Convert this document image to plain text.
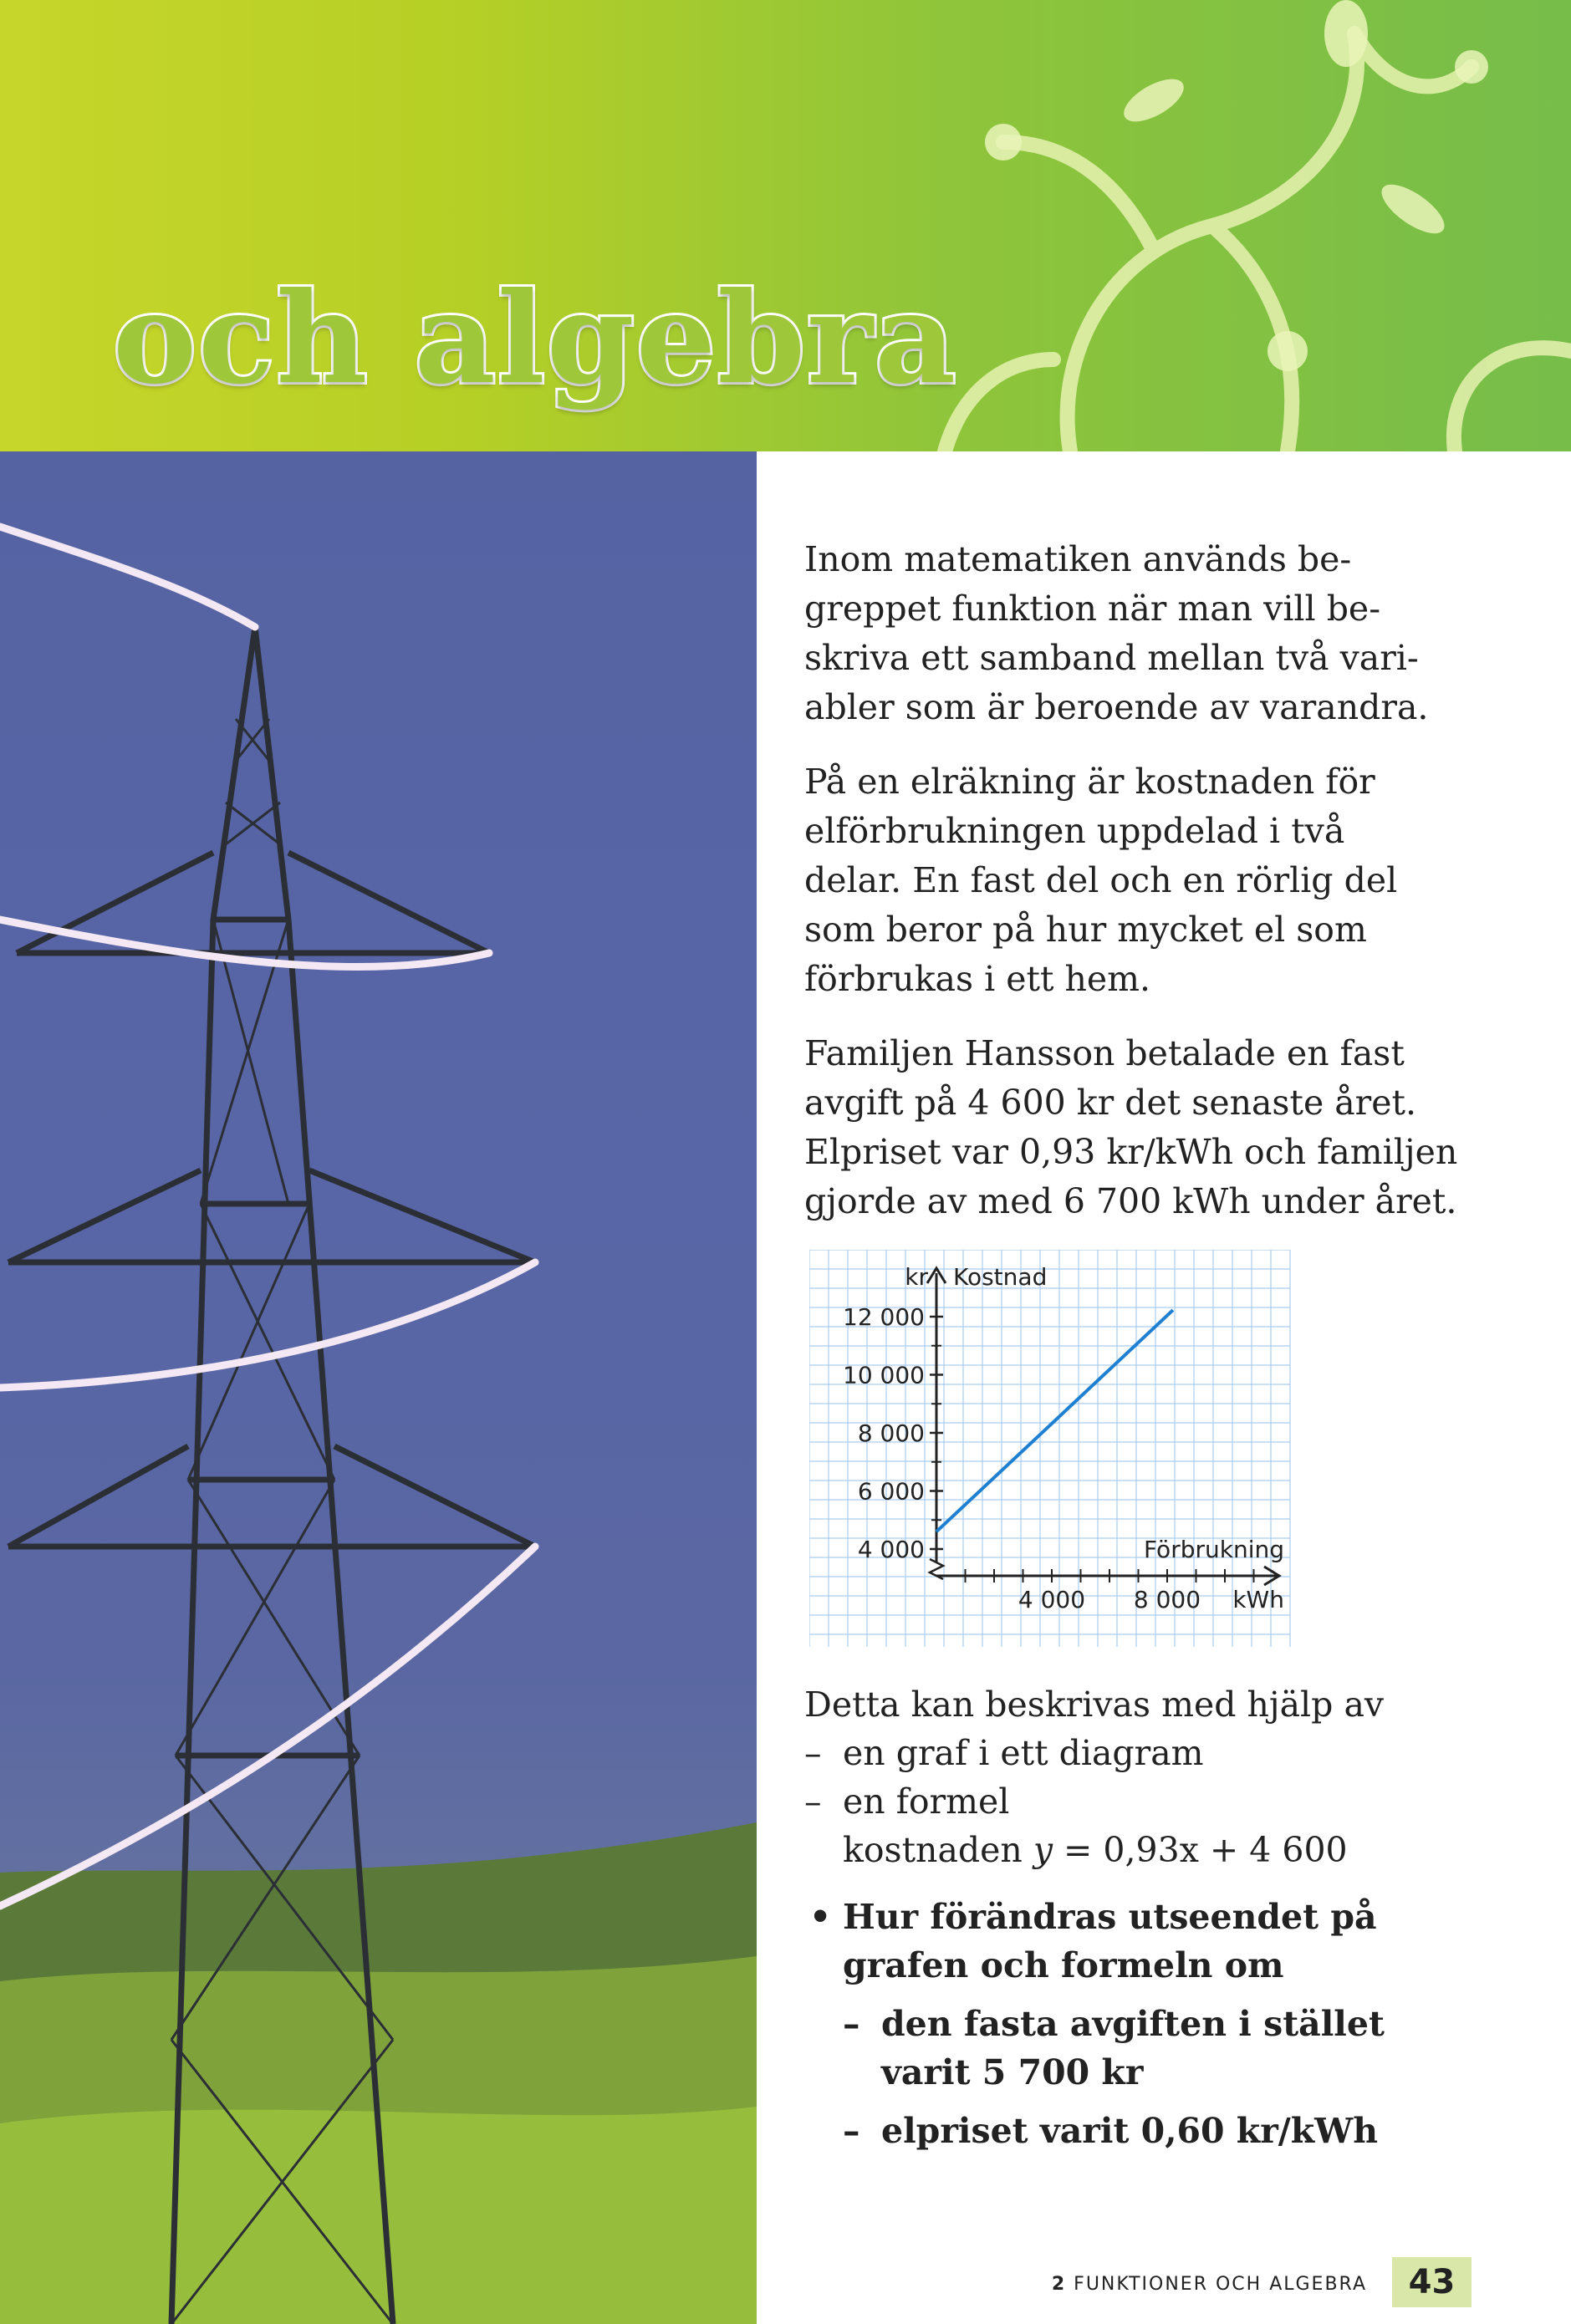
och algebra
Inom matematiken används be-
greppet funktion när man vill be-
skriva ett samband mellan två vari-
abler som är beroende av varandra.
På en elräkning är kostnaden för
elförbrukningen uppdelad i två
delar. En fast del och en rörlig del
som beror på hur mycket el som
förbrukas i ett hem.
Familjen Hansson betalade en fast
avgift på 4 600 kr det senaste året.
Elpriset var 0,93 kr/kWh och familjen
gjorde av med 6 700 kWh under året.
4 000
6 000
8 000
10 000
12 000
4 000 8 000
kr Kostnad
Förbrukning
kWh
Detta kan beskrivas med hjälp av
– en graf i ett diagram
– en formel
kostnaden y = 0,93x + 4 600
• Hur förändras utseendet på
grafen och formeln om
– den fasta avgiften i stället
varit 5 700 kr
– elpriset varit 0,60 kr/kWh
2 FUNKTIONER OCH ALGEBRA	43
